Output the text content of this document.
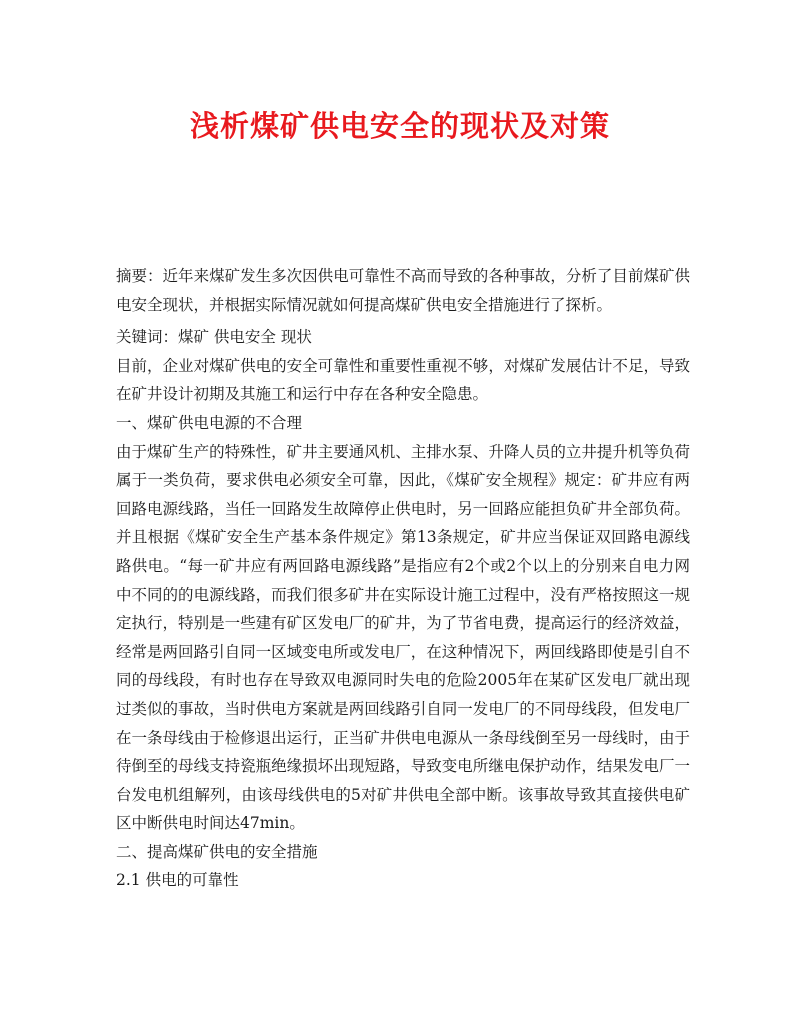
浅析煤矿供电安全的现状及对策

摘要：近年来煤矿发生多次因供电可靠性不高而导致的各种事故，分析了目前煤矿供电安全现状，并根据实际情况就如何提高煤矿供电安全措施进行了探析。

关键词：煤矿 供电安全 现状

目前，企业对煤矿供电的安全可靠性和重要性重视不够，对煤矿发展估计不足，导致在矿井设计初期及其施工和运行中存在各种安全隐患。

一、煤矿供电电源的不合理

由于煤矿生产的特殊性，矿井主要通风机、主排水泵、升降人员的立井提升机等负荷属于一类负荷，要求供电必须安全可靠，因此，《煤矿安全规程》规定：矿井应有两回路电源线路，当任一回路发生故障停止供电时，另一回路应能担负矿井全部负荷。并且根据《煤矿安全生产基本条件规定》第13条规定，矿井应当保证双回路电源线路供电。“每一矿井应有两回路电源线路”是指应有2个或2个以上的分别来自电力网中不同的的电源线路，而我们很多矿井在实际设计施工过程中，没有严格按照这一规定执行，特别是一些建有矿区发电厂的矿井，为了节省电费，提高运行的经济效益，经常是两回路引自同一区域变电所或发电厂，在这种情况下，两回线路即使是引自不同的母线段，有时也存在导致双电源同时失电的危险2005年在某矿区发电厂就出现过类似的事故，当时供电方案就是两回线路引自同一发电厂的不同母线段，但发电厂在一条母线由于检修退出运行，正当矿井供电电源从一条母线倒至另一母线时，由于待倒至的母线支持瓷瓶绝缘损坏出现短路，导致变电所继电保护动作，结果发电厂一台发电机组解列，由该母线供电的5对矿井供电全部中断。该事故导致其直接供电矿区中断供电时间达47min。

二、提高煤矿供电的安全措施

2.1 供电的可靠性
